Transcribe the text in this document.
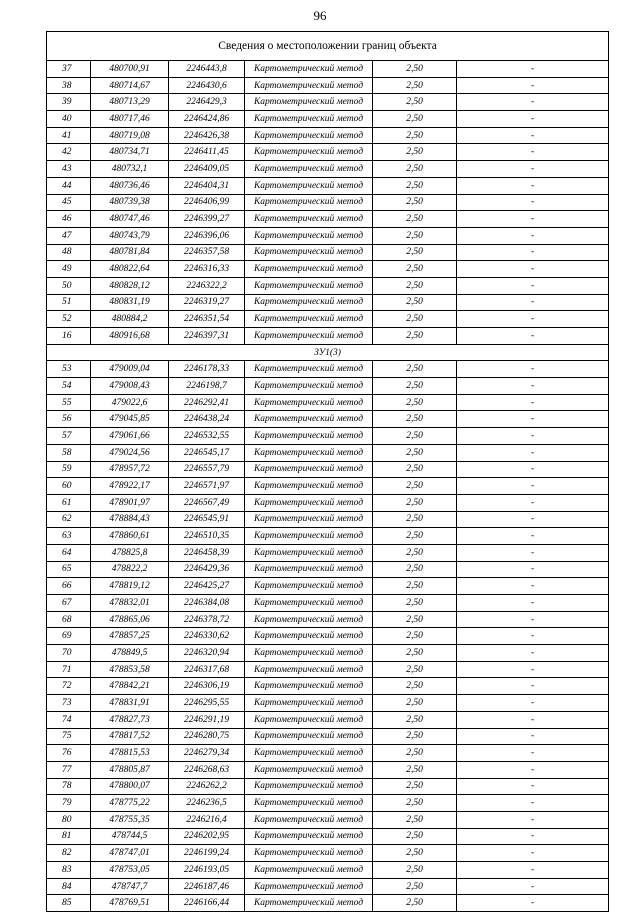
96
Сведения о местоположении границ объекта					
37	480700,91	2246443,8	Картометрический метод	2,50	-
38	480714,67	2246430,6	Картометрический метод	2,50	-
39	480713,29	2246429,3	Картометрический метод	2,50	-
40	480717,46	2246424,86	Картометрический метод	2,50	-
41	480719,08	2246426,38	Картометрический метод	2,50	-
42	480734,71	2246411,45	Картометрический метод	2,50	-
43	480732,1	2246409,05	Картометрический метод	2,50	-
44	480736,46	2246404,31	Картометрический метод	2,50	-
45	480739,38	2246406,99	Картометрический метод	2,50	-
46	480747,46	2246399,27	Картометрический метод	2,50	-
47	480743,79	2246396,06	Картометрический метод	2,50	-
48	480781,84	2246357,58	Картометрический метод	2,50	-
49	480822,64	2246316,33	Картометрический метод	2,50	-
50	480828,12	2246322,2	Картометрический метод	2,50	-
51	480831,19	2246319,27	Картометрический метод	2,50	-
52	480884,2	2246351,54	Картометрический метод	2,50	-
16	480916,68	2246397,31	Картометрический метод	2,50	-
ЗУ1(3)					
53	479009,04	2246178,33	Картометрический метод	2,50	-
54	479008,43	2246198,7	Картометрический метод	2,50	-
55	479022,6	2246292,41	Картометрический метод	2,50	-
56	479045,85	2246438,24	Картометрический метод	2,50	-
57	479061,66	2246532,55	Картометрический метод	2,50	-
58	479024,56	2246545,17	Картометрический метод	2,50	-
59	478957,72	2246557,79	Картометрический метод	2,50	-
60	478922,17	2246571,97	Картометрический метод	2,50	-
61	478901,97	2246567,49	Картометрический метод	2,50	-
62	478884,43	2246545,91	Картометрический метод	2,50	-
63	478860,61	2246510,35	Картометрический метод	2,50	-
64	478825,8	2246458,39	Картометрический метод	2,50	-
65	478822,2	2246429,36	Картометрический метод	2,50	-
66	478819,12	2246425,27	Картометрический метод	2,50	-
67	478832,01	2246384,08	Картометрический метод	2,50	-
68	478865,06	2246378,72	Картометрический метод	2,50	-
69	478857,25	2246330,62	Картометрический метод	2,50	-
70	478849,5	2246320,94	Картометрический метод	2,50	-
71	478853,58	2246317,68	Картометрический метод	2,50	-
72	478842,21	2246306,19	Картометрический метод	2,50	-
73	478831,91	2246295,55	Картометрический метод	2,50	-
74	478827,73	2246291,19	Картометрический метод	2,50	-
75	478817,52	2246280,75	Картометрический метод	2,50	-
76	478815,53	2246279,34	Картометрический метод	2,50	-
77	478805,87	2246268,63	Картометрический метод	2,50	-
78	478800,07	2246262,2	Картометрический метод	2,50	-
79	478775,22	2246236,5	Картометрический метод	2,50	-
80	478755,35	2246216,4	Картометрический метод	2,50	-
81	478744,5	2246202,95	Картометрический метод	2,50	-
82	478747,01	2246199,24	Картометрический метод	2,50	-
83	478753,05	2246193,05	Картометрический метод	2,50	-
84	478747,7	2246187,46	Картометрический метод	2,50	-
85	478769,51	2246166,44	Картометрический метод	2,50	-
